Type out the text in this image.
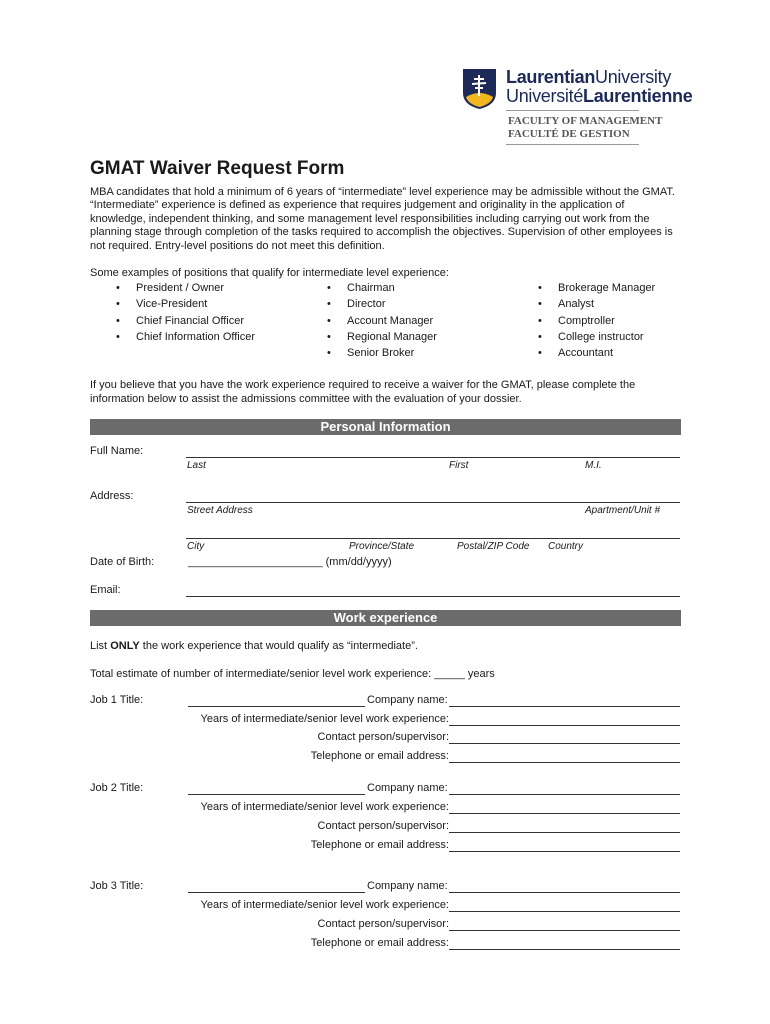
LaurentianUniversity
UniversitéLaurentienne
FACULTY OF MANAGEMENT
FACULTÉ DE GESTION
GMAT Waiver Request Form
MBA candidates that hold a minimum of 6 years of “intermediate” level experience may be admissible without the GMAT. “Intermediate” experience is defined as experience that requires judgement and originality in the application of knowledge, independent thinking, and some management level responsibilities including carrying out work from the planning stage through completion of the tasks required to accomplish the objectives. Supervision of other employees is not required. Entry-level positions do not meet this definition.
Some examples of positions that qualify for intermediate level experience:
• President / Owner
• Vice-President
• Chief Financial Officer
• Chief Information Officer
• Chairman
• Director
• Account Manager
• Regional Manager
• Senior Broker
• Brokerage Manager
• Analyst
• Comptroller
• College instructor
• Accountant
If you believe that you have the work experience required to receive a waiver for the GMAT, please complete the information below to assist the admissions committee with the evaluation of your dossier.
Personal Information
Full Name:
Last	First	M.I.
Address:
Street Address	Apartment/Unit #
City	Province/State	Postal/ZIP Code Country
Date of Birth:	______________________ (mm/dd/yyyy)
Email:
Work experience
List ONLY the work experience that would qualify as “intermediate”.
Total estimate of number of intermediate/senior level work experience: _____ years
Job 1 Title:	Company name:
Years of intermediate/senior level work experience:
Contact person/supervisor:
Telephone or email address:
Job 2 Title:	Company name:
Years of intermediate/senior level work experience:
Contact person/supervisor:
Telephone or email address:
Job 3 Title:	Company name:
Years of intermediate/senior level work experience:
Contact person/supervisor:
Telephone or email address:
